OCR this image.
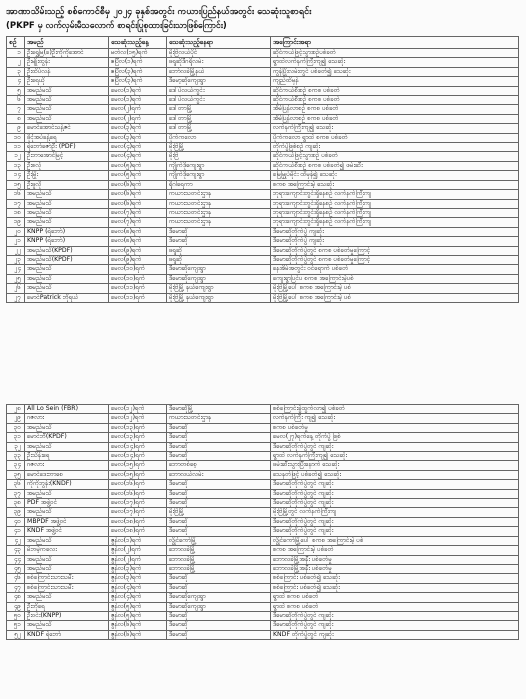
အာဏာသိမ်းသည့် စစ်ကောင်စီမှ ၂၀၂၄ ခုနှစ်အတွင်း ကယားပြည်နယ်အတွင်း သေဆုံးသူစာရင်း
(PKPF မှ လက်လှမ်းမီသလောက် စာရင်းပြုစုထားခြင်းသာဖြစ်ကြောင်း)
စဉ်	အမည်	သေဆုံးသည့်နေ့	သေဆုံးသည့်နေရာ	အကြောင်းအရာ
၁	ဦးရွှေမြ(ခ)ဦးကိုကိုအောင်	မတ်လ(၁၅)ရက်	မိုးဗြဲလယ်ပိုင်	ဆိုင်ကယ်ဖြင့်သွားစဉ်ပစ်ခတ်
၂	ဦးမျိုးထွန်း	ဧပြီလ(၁)ရက်	ဖရူဆိုဒီဂရိုလမ်း	ရွာထဲလက်နက်ကြီးကျ၍ သေဆုံး
၃	ဦးထိပ်လန်	ဧပြီလ(၃)ရက်	ဘော်လခဲမြို့နယ်	ကွန်ပြိုးလမ်းတွင် ပစ်ခတ်၍ သေဆုံး
၄	ဦးရေယို	ဧပြီလ(၃)ရက်	ဒီမော့ဆိုကျေးရွာ	ကျည်ထိမှန်
၅	အမည်မသိ	မေလ(၁)ရက်	ဒေါ်ပဲလယ်ကွင်း	ဆိုင်ကယ်စီးစဉ် စကစ ပစ်ခတ်
၆	အမည်မသိ	မေလ(၁)ရက်	ဒေါ်ပဲလယ်ကွင်း	ဆိုင်ကယ်စီးစဉ် စကစ ပစ်ခတ်
၇	အမည်မသိ	မေလ(၂)ရက်	ဒေါ်တာမြို့	အိမ်ပြန်လာစဉ် စကစ ပစ်ခတ်
၈	အမည်မသိ	မေလ(၂)ရက်	ဒေါ်တာမြို့	အိမ်ပြန်လာစဉ် စကစ ပစ်ခတ်
၉	မောင်အောင်သန့်ဇင်	မေလ(၃)ရက်	ဒေါ်တာမြို့	လက်နက်ကြီးကျ၍ သေဆုံး
၁၀	ဖိုငုံအပ်ခန့်ရေ	မေလ(၃)ရက်	ပိုက်ကလော	ပိုက်ကလော ရွာထဲ စကစ ပစ်ခတ်
၁၁	ရဲဘော်ဇော်ဦး (PDF)	မေလ(၄)ရက်	မိုးဗြဲမြို့	တိုက်ပွဲဖြစ်စဉ် ကျဆုံး
၁၂	ဦးဘာအောင်မြင့်	မေလ(၄)ရက်	မိုးဗြဲ	ဆိုင်ကယ်ဖြင့်သွားစဉ် ပစ်ခတ်
၁၃	ဦးစလုံ	မေလ(၅)ရက်	ကျိုက်ဒိုကျေးရွာ	ဆိုင်ကယ်စီးစဉ် စကစ ပစ်ခတ်၍ ဖမ်းဆီး
၁၄	ဦးမြိုး	မေလ(၅)ရက်	ကျိုက်ဒိုကျေးရွာ	မြေမြှုပ်မိုင်း ထိမှန်၍ သေဆုံး
၁၅	ဦးဖူလို	မေလ(၆)ရက်	ရိုဂါရေကာ	စကစ အကြောင်းမဲ့ သေဆုံး
၁၆	အမည်မသိ	မေလ(၆)ရက်	ကယားသတင်းဌာန	ဘုရားကျောင်းတွင်းရှိနေစဉ် လက်နက်ကြီးကျ
၁၇	အမည်မသိ	မေလ(၆)ရက်	ကယားသတင်းဌာန	ဘုရားကျောင်းတွင်းရှိနေစဉ် လက်နက်ကြီးကျ
၁၈	အမည်မသိ	မေလ(၇)ရက်	ကယားသတင်းဌာန	ဘုရားကျောင်းတွင်းရှိနေစဉ် လက်နက်ကြီးကျ
၁၉	အမည်မသိ	မေလ(၇)ရက်	ကယားသတင်းဌာန	ဘုရားကျောင်းတွင်းရှိနေစဉ် လက်နက်ကြီးကျ
၂၀	KNPP (ရဲဘော်)	မေလ(၈)ရက်	ဒီမောဆို	ဒီမောဆိုတိုက်ပွဲ ကျဆုံး
၂၁	KNPP (ရဲဘော်)	မေလ(၈)ရက်	ဒီမောဆို	ဒီမောဆိုတိုက်ပွဲ ကျဆုံး
၂၂	အမည်မသိ(KPDF)	မေလ(၉)ရက်	ဖရူဆို	ဒီမောဆိုတိုက်ပွဲတွင် စကစ ပစ်ခတ်မှုကြောင့်
၂၃	အမည်မသိ(KPDF)	မေလ(၉)ရက်	ဖရူဆို	ဒီမောဆိုတိုက်ပွဲတွင် စကစ ပစ်ခတ်မှုကြောင့်
၂၄	အမည်မသိ	မေလ(၁၀)ရက်	ဒီမောဆိုကျေးရွာ	နေအိမ်အတွင်း ဝင်ရောက် ပစ်ခတ်
၂၅	အမည်မသိ	မေလ(၁၀)ရက်	ဒီမောဆိုကျေးရွာ	ကျေးရွာပြင်ပ စကစ အကြောင်းမဲ့ပစ်
၂၆	အမည်မသိ	မေလ(၁၁)ရက်	မိုးဗြဲမြို့ နယ်ကျေးရွာ	မိုးဗြဲမြို့ပေါ် စကစ အကြောင်းမဲ့ ပစ်
၂၇	မောင်Patrick ဘိုရယ်	မေလ(၁၁)ရက်	မိုးဗြဲမြို့ နယ်ကျေးရွာ	မိုးဗြဲမြို့ပေါ် စကစ အကြောင်းမဲ့ ပစ်
၂၈	All Lo Sein (FBR)	မေလ(၁၂)ရက်	ဒီမောဆိုမြို့	စစ်ကြောင်းခွဲထွက်လာ၍ ပစ်ခတ်
၂၉	ဂဇလား	မေလ(၁၂)ရက်	ကယားသတင်းဌာန	လက်နက်ကြီး ကျ၍ သေဆုံး
၃၀	အမည်မသိ	မေလ(၁၃)ရက်	ဒီမောဆို	စကစ ပစ်ခတ်မှု
၃၁	မောင်ဘီ(KPDF)	မေလ(၁၃)ရက်	ဒီမောဆို	မေလ(၂၇)ရက်နေ့ တိုက်ပွဲ ဖြစ်
၃၂	အမည်မသိ	မေလ(၁၄)ရက်	ဒီမောဆို	ဒီမောဆိုတိုက်ပွဲတွင် ကျဆုံး
၃၃	ဦးသိန်းရေ	မေလ(၁၄)ရက်	ဒီမောဆို	ရွာထဲ လက်နက်ကြီးကျ၍ သေဆုံး
၃၄	ဂဇလား	မေလ(၁၅)ရက်	ဘောတစ်စေ့	ဖမ်းဆီးသွားပြီးနောက် သေဆုံး
၃၅	မောင်ဒေးဘာစေ	မေလ(၁၅)ရက်	ဘောလယ်လမ်း	သေနတ်ဖြင့် ပစ်ခတ်၍ သေဆုံး
၃၆	ကိုကိုဘွန်း(KNDF)	မေလ(၁၆)ရက်	ဒီမောဆို	ဒီမောဆိုတိုက်ပွဲတွင် ကျဆုံး
၃၇	အမည်မသိ	မေလ(၁၆)ရက်	ဒီမောဆို	ဒီမောဆိုတိုက်ပွဲတွင် ကျဆုံး
၃၈	PDF အဖွဲ့ဝင်	မေလ(၁၇)ရက်	ဒီမောဆို	ဒီမောဆိုတိုက်ပွဲတွင် ကျဆုံး
၃၉	အမည်မသိ	မေလ(၁၇)ရက်	မိုးဗြဲမြို့	မိုးဗြဲမြို့တွင် လက်နက်ကြီးကျ
၄၀	MBPDF အဖွဲ့ဝင်	မေလ(၁၈)ရက်	ဒီမောဆို	ဒီမောဆိုတိုက်ပွဲတွင် ကျဆုံး
၄၁	KNDF အဖွဲ့ဝင်	မေလ(၁၈)ရက်	ဒီမောဆို	ဒီမောဆိုတိုက်ပွဲတွင် ကျဆုံး
၄၂	အမည်မသိ	ဇွန်လ(၁)ရက်	လွိုင်ကော်မြို့	လွိုင်ကော်မြို့ပေါ် စကစ အကြောင်းမဲ့ ပစ်
၄၃	မိဘမဲ့ကလေး	ဇွန်လ(၂)ရက်	ဘောလခဲမြို့	စကစ အကြောင်းမဲ့ ပစ်ခတ်
၄၄	အမည်မသိ	ဇွန်လ(၂)ရက်	ဘောလခဲမြို့	ဘောလခဲမြို့အနီး ပစ်ခတ်မှု
၄၅	အမည်မသိ	ဇွန်လ(၃)ရက်	ဘောလခဲမြို့	ဘောလခဲမြို့အနီး ပစ်ခတ်မှု
၄၆	စစ်ကြောင်းသားသမီး	ဇွန်လ(၃)ရက်	ဒီမောဆို	စစ်ကြောင်း ပစ်ခတ်၍ သေဆုံး
၄၇	စစ်ကြောင်းသားသမီး	ဇွန်လ(၄)ရက်	ဒီမောဆို	စစ်ကြောင်း ပစ်ခတ်၍ သေဆုံး
၄၈	အမည်မသိ	ဇွန်လ(၄)ရက်	ဒီမောဆိုကျေးရွာ	ရွာထဲ စကစ ပစ်ခတ်
၄၉	ဦးဘိုရေ	ဇွန်လ(၅)ရက်	ဒီမောဆိုကျေးရွာ	ရွာထဲ စကစ ပစ်ခတ်
၅၀	ဦးဝင်း(KNPP)	ဇွန်လ(၅)ရက်	ဒီမောဆို	ဒီမောဆိုတိုက်ပွဲတွင် ကျဆုံး
၅၁	အမည်မသိ	ဇွန်လ(၆)ရက်	ဒီမောဆို	ဒီမောဆိုတိုက်ပွဲတွင် ကျဆုံး
၅၂	KNDF ရဲဘော်	ဇွန်လ(၆)ရက်	ဒီမောဆို	KNDF တိုက်ပွဲတွင် ကျဆုံး
